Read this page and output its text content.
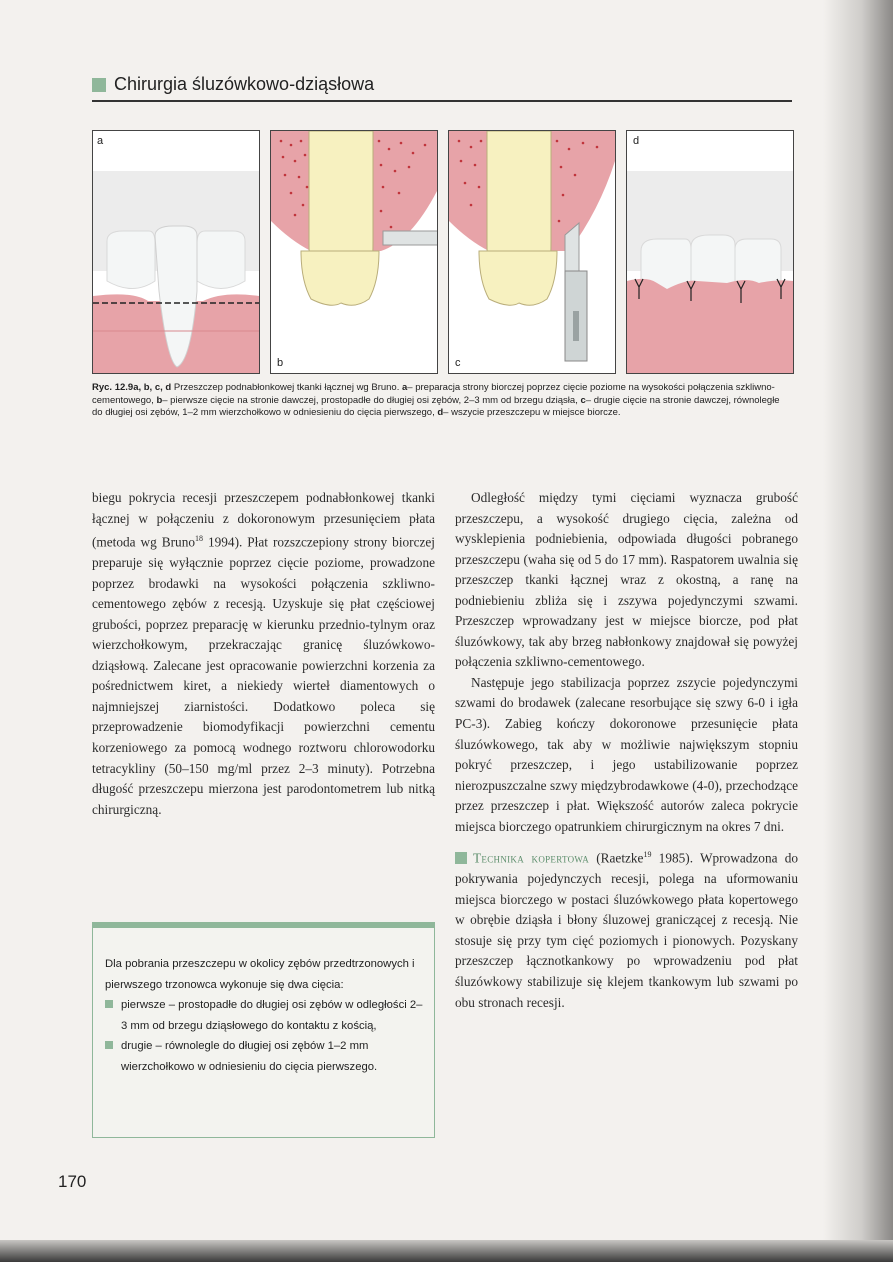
Chirurgia śluzówkowo-dziąsłowa
a
b	c
d
Ryc. 12.9a, b, c, d Przeszczep podnabłonkowej tkanki łącznej wg Bruno. a– preparacja strony biorczej poprzez cięcie poziome na wysokości połączenia szkliwno-cementowego, b– pierwsze cięcie na stronie dawczej, prostopadłe do długiej osi zębów, 2–3 mm od brzegu dziąsła, c– drugie cięcie na stronie dawczej, równoległe do długiej osi zębów, 1–2 mm wierzchołkowo w odniesieniu do cięcia pierwszego, d– wszycie przeszczepu w miejsce biorcze.

biegu pokrycia recesji przeszczepem podnabłonkowej tkanki łącznej w połączeniu z dokoronowym przesunięciem płata (metoda wg Bruno$^{18}$ 1994). Płat rozszczepiony strony biorczej preparuje się wyłącznie poprzez cięcie poziome, prowadzone poprzez brodawki na wysokości połączenia szkliwno-cementowego zębów z recesją. Uzyskuje się płat częściowej grubości, poprzez preparację w kierunku przednio-tylnym oraz wierzchołkowym, przekraczając granicę śluzówkowo-dziąsłową. Zalecane jest opracowanie powierzchni korzenia za pośrednictwem kiret, a niekiedy wierteł diamentowych o najmniejszej ziarnistości. Dodatkowo poleca się przeprowadzenie biomodyfikacji powierzchni cementu korzeniowego za pomocą wodnego roztworu chlorowodorku tetracykliny (50–150 mg/ml przez 2–3 minuty). Potrzebna długość przeszczepu mierzona jest parodontometrem lub nitką chirurgiczną.

Dla pobrania przeszczepu w okolicy zębów przedtrzonowych i pierwszego trzonowca wykonuje się dwa cięcia:
pierwsze – prostopadłe do długiej osi zębów w odległości 2–3 mm od brzegu dziąsłowego do kontaktu z kością,
drugie – równolegle do długiej osi zębów 1–2 mm wierzchołkowo w odniesieniu do cięcia pierwszego.

Odległość między tymi cięciami wyznacza grubość przeszczepu, a wysokość drugiego cięcia, zależna od wysklepienia podniebienia, odpowiada długości pobranego przeszczepu (waha się od 5 do 17 mm). Raspatorem uwalnia się przeszczep tkanki łącznej wraz z okostną, a ranę na podniebieniu zbliża się i zszywa pojedynczymi szwami. Przeszczep wprowadzany jest w miejsce biorcze, pod płat śluzówkowy, tak aby brzeg nabłonkowy znajdował się powyżej połączenia szkliwno-cementowego.

Następuje jego stabilizacja poprzez zszycie pojedynczymi szwami do brodawek (zalecane resorbujące się szwy 6-0 i igła PC-3). Zabieg kończy dokoronowe przesunięcie płata śluzówkowego, tak aby w możliwie największym stopniu pokryć przeszczep, i jego ustabilizowanie poprzez nierozpuszczalne szwy międzybrodawkowe (4-0), przechodzące przez przeszczep i płat. Większość autorów zaleca pokrycie miejsca biorczego opatrunkiem chirurgicznym na okres 7 dni.

Technika kopertowa (Raetzke$^{19}$ 1985). Wprowadzona do pokrywania pojedynczych recesji, polega na uformowaniu miejsca biorczego w postaci śluzówkowego płata kopertowego w obrębie dziąsła i błony śluzowej graniczącej z recesją. Nie stosuje się przy tym cięć poziomych i pionowych. Pozyskany przeszczep łącznotkankowy po wprowadzeniu pod płat śluzówkowy stabilizuje się klejem tkankowym lub szwami po obu stronach recesji.

170
